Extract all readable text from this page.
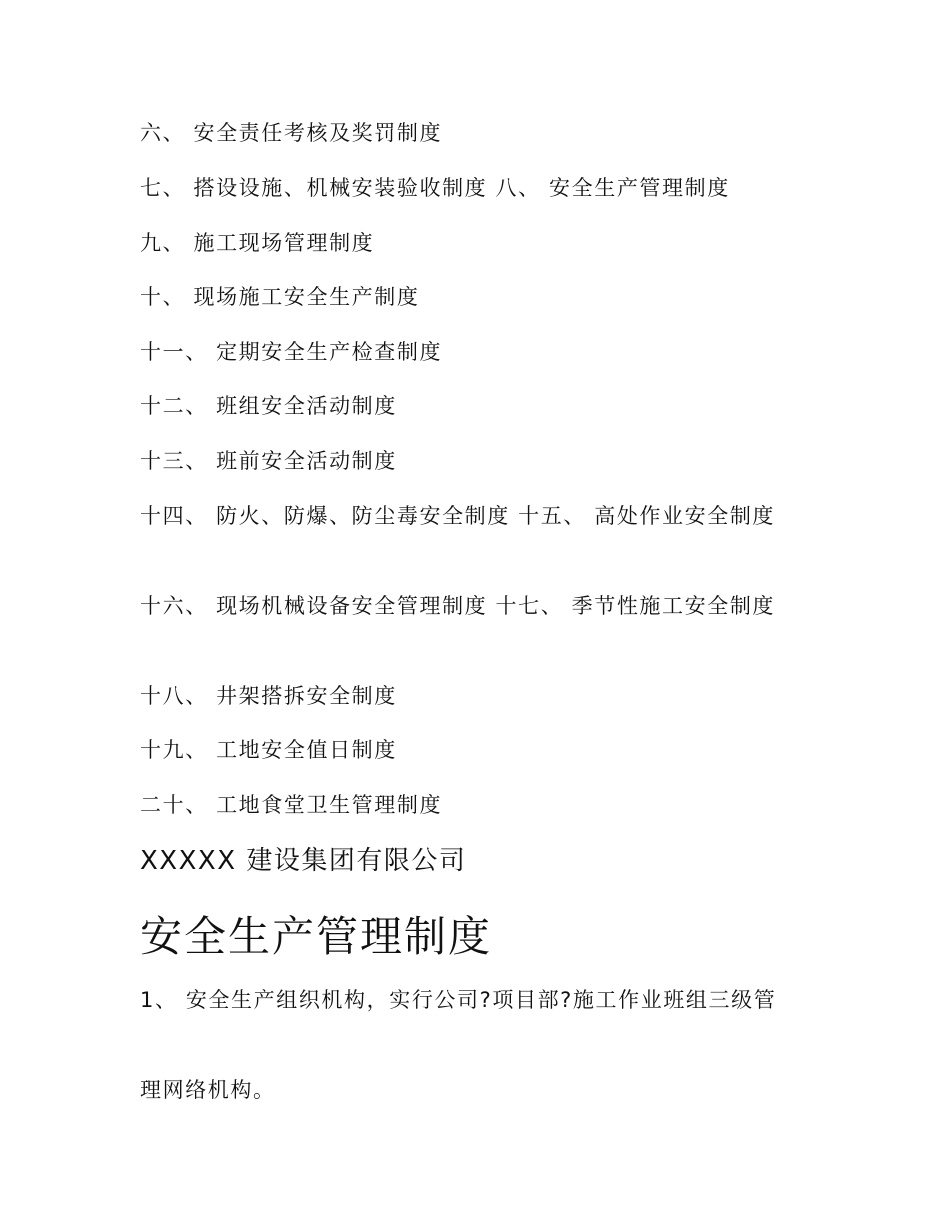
六、 安全责任考核及奖罚制度
七、 搭设设施、机械安装验收制度 八、 安全生产管理制度
九、 施工现场管理制度
十、 现场施工安全生产制度
十一、 定期安全生产检查制度
十二、 班组安全活动制度
十三、 班前安全活动制度
十四、 防火、防爆、防尘毒安全制度 十五、 高处作业安全制度
十六、 现场机械设备安全管理制度 十七、 季节性施工安全制度
十八、 井架搭拆安全制度
十九、 工地安全值日制度
二十、 工地食堂卫生管理制度
XXXXX 建设集团有限公司
安全生产管理制度
1、 安全生产组织机构，实行公司?项目部?施工作业班组三级管
理网络机构。
